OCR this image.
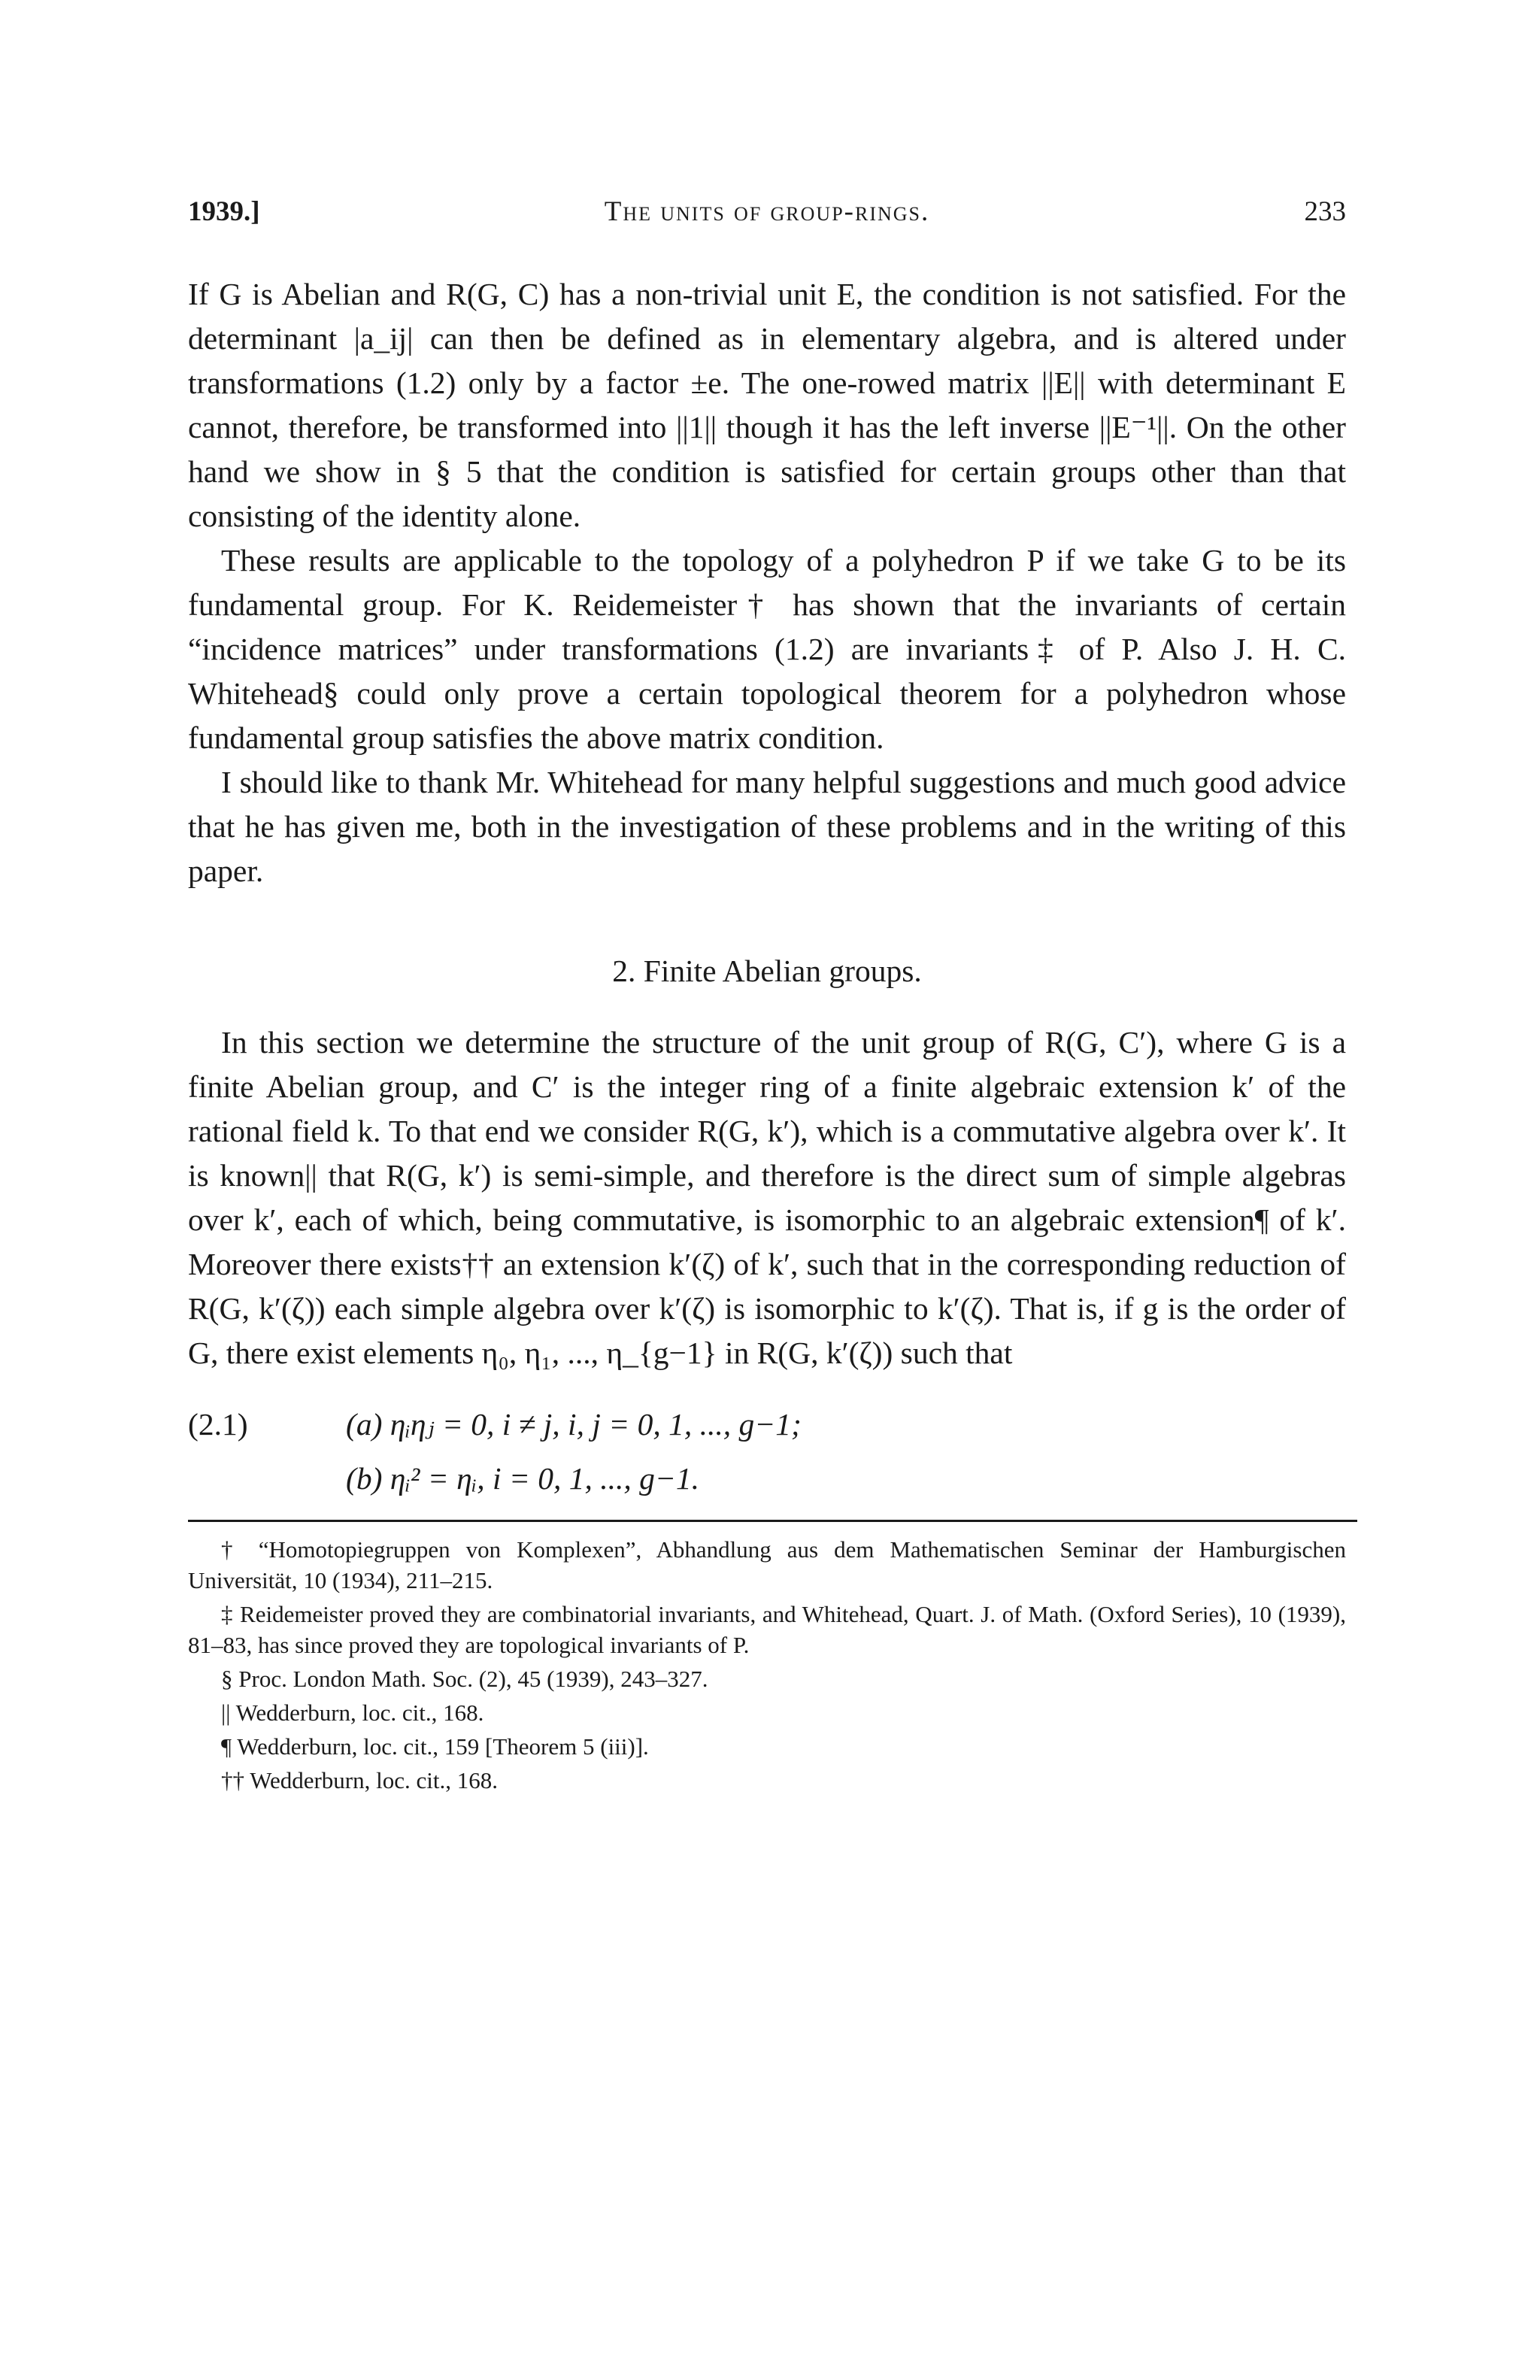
1939.]	The units of group-rings.	233

If G is Abelian and R(G, C) has a non-trivial unit E, the condition is not satisfied. For the determinant |a_ij| can then be defined as in elementary algebra, and is altered under transformations (1.2) only by a factor ±e. The one-rowed matrix ||E|| with determinant E cannot, therefore, be transformed into ||1|| though it has the left inverse ||E⁻¹||. On the other hand we show in § 5 that the condition is satisfied for certain groups other than that consisting of the identity alone.

These results are applicable to the topology of a polyhedron P if we take G to be its fundamental group. For K. Reidemeister† has shown that the invariants of certain “incidence matrices” under transformations (1.2) are invariants‡ of P. Also J. H. C. Whitehead§ could only prove a certain topological theorem for a polyhedron whose fundamental group satisfies the above matrix condition.

I should like to thank Mr. Whitehead for many helpful suggestions and much good advice that he has given me, both in the investigation of these problems and in the writing of this paper.

2. Finite Abelian groups.

In this section we determine the structure of the unit group of R(G, C′), where G is a finite Abelian group, and C′ is the integer ring of a finite algebraic extension k′ of the rational field k. To that end we consider R(G, k′), which is a commutative algebra over k′. It is known|| that R(G, k′) is semi-simple, and therefore is the direct sum of simple algebras over k′, each of which, being commutative, is isomorphic to an algebraic extension¶ of k′. Moreover there exists†† an extension k′(ζ) of k′, such that in the corresponding reduction of R(G, k′(ζ)) each simple algebra over k′(ζ) is isomorphic to k′(ζ). That is, if g is the order of G, there exist elements η₀, η₁, ..., η_{g−1} in R(G, k′(ζ)) such that

(2.1)	(a) ηᵢηⱼ = 0, i ≠ j, i, j = 0, 1, ..., g−1;
(b) ηᵢ² = ηᵢ, i = 0, 1, ..., g−1.

† “Homotopiegruppen von Komplexen”, Abhandlung aus dem Mathematischen Seminar der Hamburgischen Universität, 10 (1934), 211–215.

‡ Reidemeister proved they are combinatorial invariants, and Whitehead, Quart. J. of Math. (Oxford Series), 10 (1939), 81–83, has since proved they are topological invariants of P.

§ Proc. London Math. Soc. (2), 45 (1939), 243–327.

|| Wedderburn, loc. cit., 168.

¶ Wedderburn, loc. cit., 159 [Theorem 5 (iii)].

†† Wedderburn, loc. cit., 168.
